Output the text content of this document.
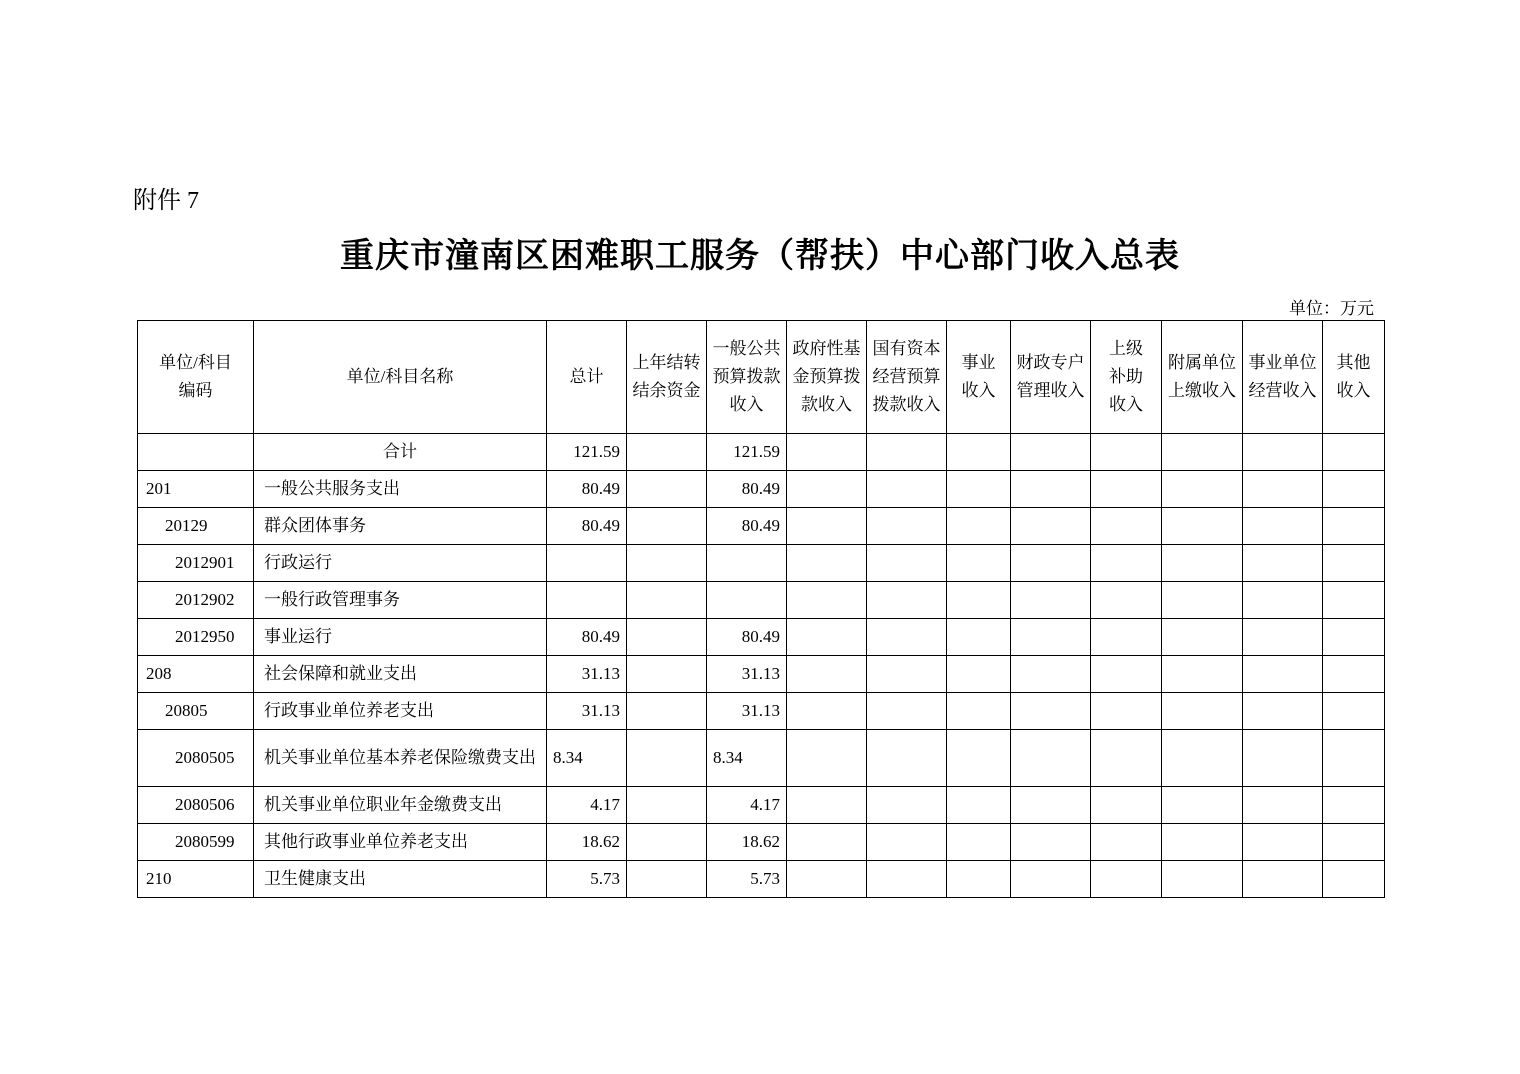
附件 7
重庆市潼南区困难职工服务（帮扶）中心部门收入总表
单位：万元
单位/科目编码	单位/科目名称	总计	上年结转结余资金	一般公共预算拨款收入	政府性基金预算拨款收入	国有资本经营预算拨款收入	事业收入	财政专户管理收入	上级补助收入	附属单位上缴收入	事业单位经营收入	其他收入
	合计	121.59		121.59								
201	一般公共服务支出	80.49		80.49								
20129	群众团体事务	80.49		80.49								
2012901	行政运行											
2012902	一般行政管理事务											
2012950	事业运行	80.49		80.49								
208	社会保障和就业支出	31.13		31.13								
20805	行政事业单位养老支出	31.13		31.13								
2080505	机关事业单位基本养老保险缴费支出	8.34		8.34								
2080506	机关事业单位职业年金缴费支出	4.17		4.17								
2080599	其他行政事业单位养老支出	18.62		18.62								
210	卫生健康支出	5.73		5.73								
